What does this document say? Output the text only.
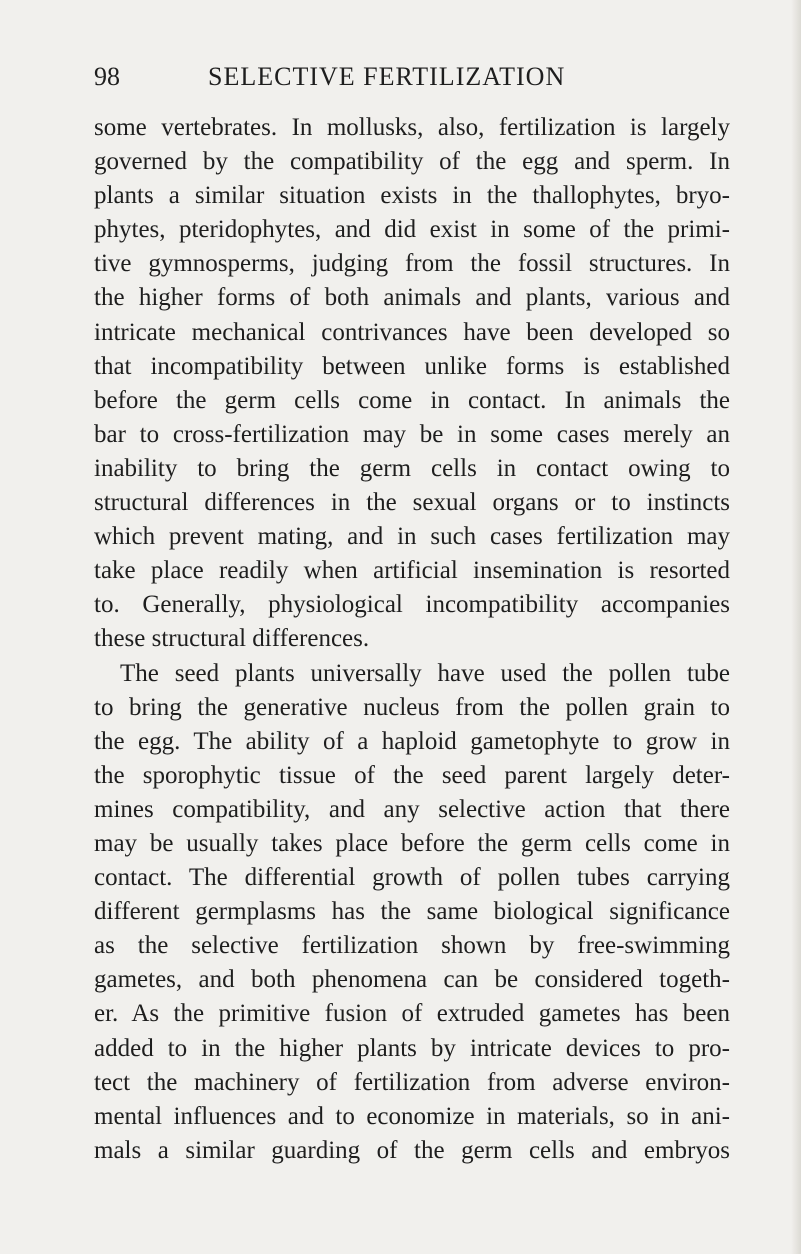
98	SELECTIVE FERTILIZATION
some vertebrates. In mollusks, also, fertilization is largely
governed by the compatibility of the egg and sperm. In
plants a similar situation exists in the thallophytes, bryo-
phytes, pteridophytes, and did exist in some of the primi-
tive gymnosperms, judging from the fossil structures. In
the higher forms of both animals and plants, various and
intricate mechanical contrivances have been developed so
that incompatibility between unlike forms is established
before the germ cells come in contact. In animals the
bar to cross-fertilization may be in some cases merely an
inability to bring the germ cells in contact owing to
structural differences in the sexual organs or to instincts
which prevent mating, and in such cases fertilization may
take place readily when artificial insemination is resorted
to. Generally, physiological incompatibility accompanies
these structural differences.
The seed plants universally have used the pollen tube
to bring the generative nucleus from the pollen grain to
the egg. The ability of a haploid gametophyte to grow in
the sporophytic tissue of the seed parent largely deter-
mines compatibility, and any selective action that there
may be usually takes place before the germ cells come in
contact. The differential growth of pollen tubes carrying
different germplasms has the same biological significance
as the selective fertilization shown by free-swimming
gametes, and both phenomena can be considered togeth-
er. As the primitive fusion of extruded gametes has been
added to in the higher plants by intricate devices to pro-
tect the machinery of fertilization from adverse environ-
mental influences and to economize in materials, so in ani-
mals a similar guarding of the germ cells and embryos
